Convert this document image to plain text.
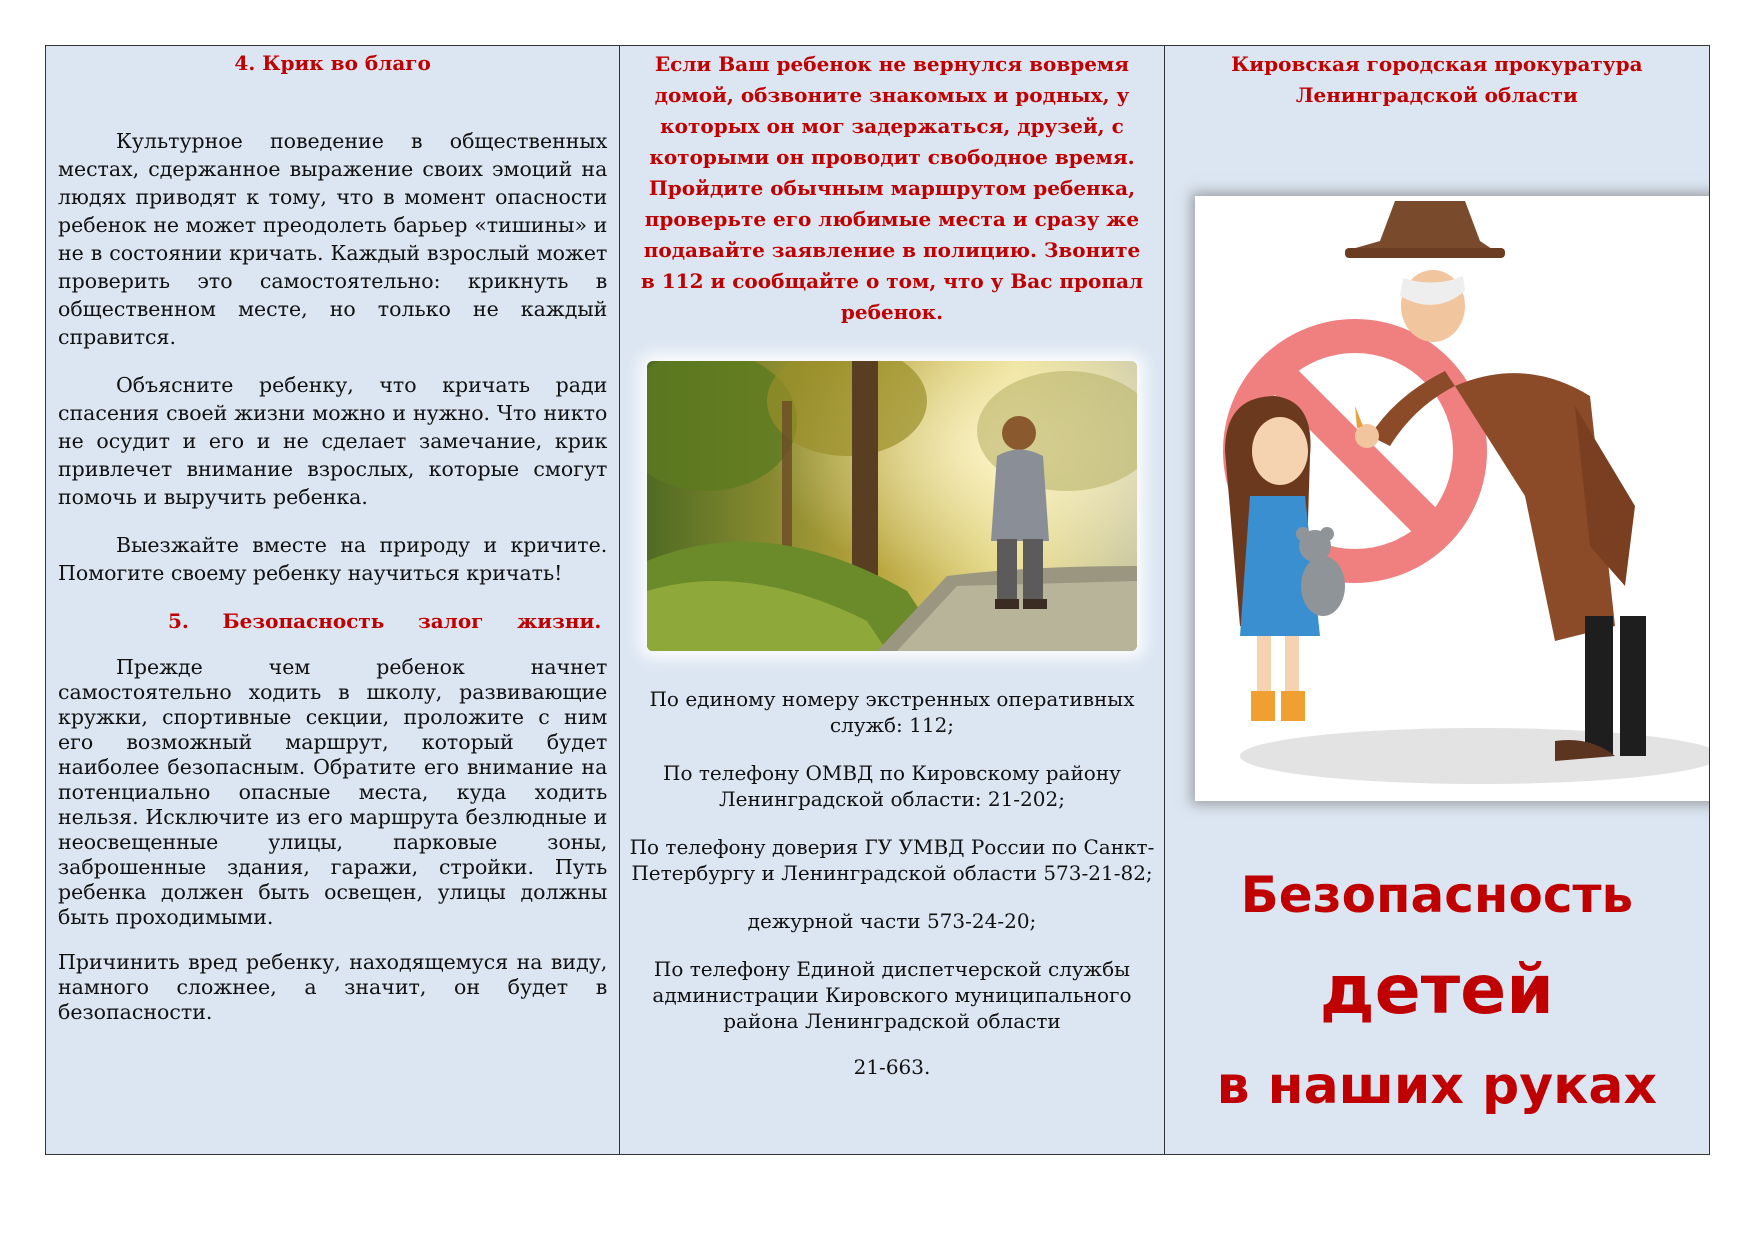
4. Крик во благо

Культурное поведение в общественных местах, сдержанное выражение своих эмоций на людях приводят к тому, что в момент опасности ребенок не может преодолеть барьер «тишины» и не в состоянии кричать. Каждый взрослый может проверить это самостоятельно: крикнуть в общественном месте, но только не каждый справится.

Объясните ребенку, что кричать ради спасения своей жизни можно и нужно. Что никто не осудит и его и не сделает замечание, крик привлечет внимание взрослых, которые смогут помочь и выручить ребенка.

Выезжайте вместе на природу и кричите. Помогите своему ребенку научиться кричать!

5. Безопасность залог жизни.

Прежде чем ребенок начнет самостоятельно ходить в школу, развивающие кружки, спортивные секции, проложите с ним его возможный маршрут, который будет наиболее безопасным. Обратите его внимание на потенциально опасные места, куда ходить нельзя. Исключите из его маршрута безлюдные и неосвещенные улицы, парковые зоны, заброшенные здания, гаражи, стройки. Путь ребенка должен быть освещен, улицы должны быть проходимыми.

Причинить вред ребенку, находящемуся на виду, намного сложнее, а значит, он будет в безопасности.

Если Ваш ребенок не вернулся вовремя домой, обзвоните знакомых и родных, у которых он мог задержаться, друзей, с которыми он проводит свободное время. Пройдите обычным маршрутом ребенка, проверьте его любимые места и сразу же подавайте заявление в полицию. Звоните в 112 и сообщайте о том, что у Вас пропал ребенок.

По единому номеру экстренных оперативных служб: 112;

По телефону ОМВД по Кировскому району Ленинградской области: 21-202;

По телефону доверия ГУ УМВД России по Санкт-Петербургу и Ленинградской области 573-21-82;

дежурной части 573-24-20;

По телефону Единой диспетчерской службы администрации Кировского муниципального района Ленинградской области

21-663.

Кировская городская прокуратура
Ленинградской области
Безопасность
детей
в наших руках
